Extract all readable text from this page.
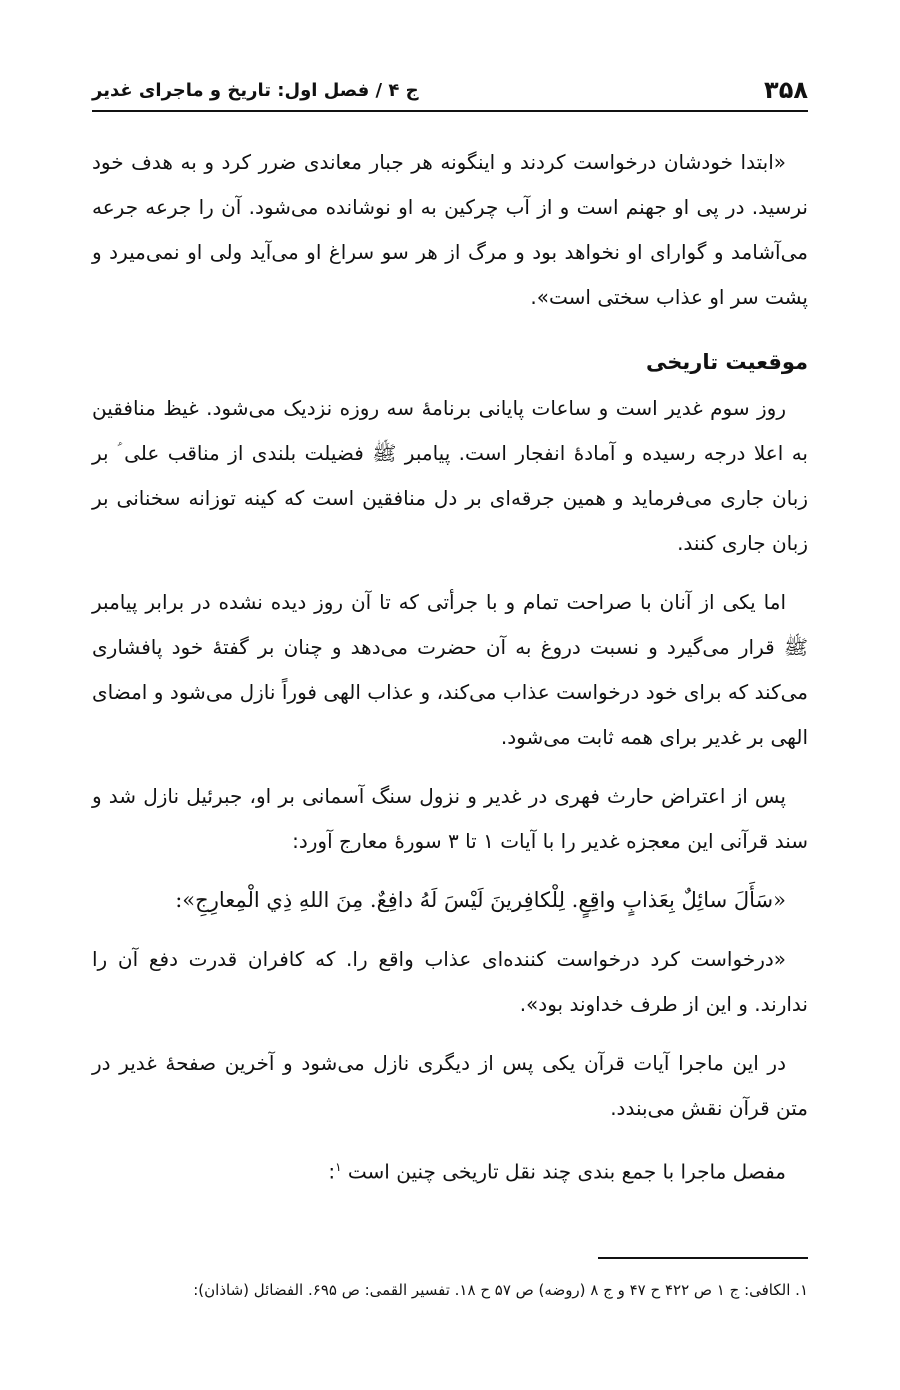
۳۵۸
ج ۴ / فصل اول: تاریخ و ماجرای غدیر

«ابتدا خودشان درخواست کردند و اینگونه هر جبار معاندی ضرر کرد و به هدف خود نرسید. در پی او جهنم است و از آب چرکین به او نوشانده می‌شود. آن را جرعه جرعه می‌آشامد و گوارای او نخواهد بود و مرگ از هر سو سراغ او می‌آید ولی او نمی‌میرد و پشت سر او عذاب سختی است».

موقعیت تاریخی

روز سوم غدیر است و ساعات پایانی برنامهٔ سه روزه نزدیک می‌شود. غیظ منافقین به اعلا درجه رسیده و آمادهٔ انفجار است. پیامبر ﷺ فضیلت بلندی از مناقب علی ؑ بر زبان جاری می‌فرماید و همین جرقه‌ای بر دل منافقین است که کینه توزانه سخنانی بر زبان جاری کنند.

اما یکی از آنان با صراحت تمام و با جرأتی که تا آن روز دیده نشده در برابر پیامبر ﷺ قرار می‌گیرد و نسبت دروغ به آن حضرت می‌دهد و چنان بر گفتهٔ خود پافشاری می‌کند که برای خود درخواست عذاب می‌کند، و عذاب الهی فوراً نازل می‌شود و امضای الهی بر غدیر برای همه ثابت می‌شود.

پس از اعتراض حارث فهری در غدیر و نزول سنگ آسمانی بر او، جبرئیل نازل شد و سند قرآنی این معجزه غدیر را با آیات ۱ تا ۳ سورهٔ معارج آورد:

«سَأَلَ سائِلٌ بِعَذابٍ واقِعٍ. لِلْكافِرينَ لَيْسَ لَهُ دافِعٌ. مِنَ اللهِ ذِي الْمِعارِجِ»:

«درخواست کرد درخواست کننده‌ای عذاب واقع را. که کافران قدرت دفع آن را ندارند. و این از طرف خداوند بود».

در این ماجرا آیات قرآن یکی پس از دیگری نازل می‌شود و آخرین صفحهٔ غدیر در متن قرآن نقش می‌بندد.

مفصل ماجرا با جمع بندی چند نقل تاریخی چنین است $^۱$:

۱. الکافی: ج ۱ ص ۴۲۲ ح ۴۷ و ج ۸ (روضه) ص ۵۷ ح ۱۸. تفسیر القمی: ص ۶۹۵. الفضائل (شاذان):
